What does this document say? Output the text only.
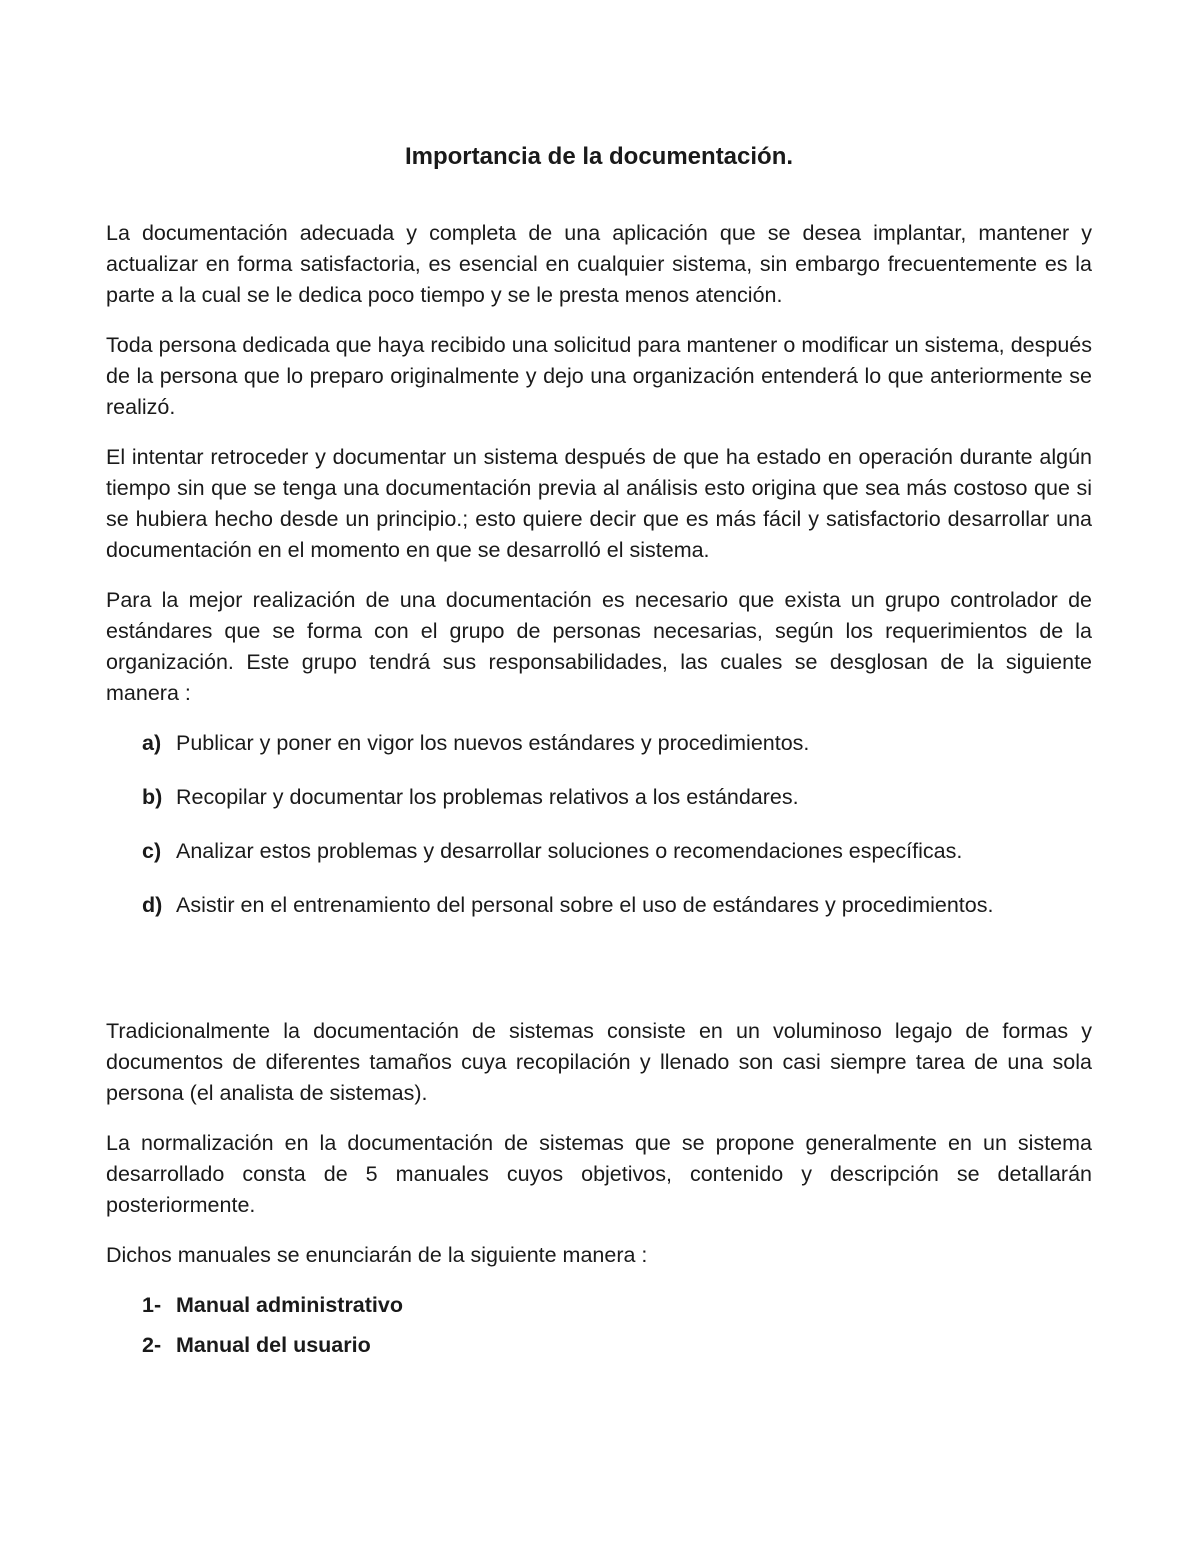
Importancia de la documentación.

La documentación adecuada y completa de una aplicación que se desea implantar, mantener y actualizar en forma satisfactoria, es esencial en cualquier sistema, sin embargo frecuentemente es la parte a la cual se le dedica poco tiempo y se le presta menos atención.

Toda persona dedicada que haya recibido una solicitud para mantener o modificar un sistema, después de la persona que lo preparo originalmente y dejo una organización entenderá lo que anteriormente se realizó.

El intentar retroceder y documentar un sistema después de que ha estado en operación durante algún tiempo sin que se tenga una documentación previa al análisis esto origina que sea más costoso que si se hubiera hecho desde un principio.; esto quiere decir que es más fácil y satisfactorio desarrollar una documentación en el momento en que se desarrolló el sistema.

Para la mejor realización de una documentación es necesario que exista un grupo controlador de estándares que se forma con el grupo de personas necesarias, según los requerimientos de la organización. Este grupo tendrá sus responsabilidades, las cuales se desglosan de la siguiente manera :

a) Publicar y poner en vigor los nuevos estándares y procedimientos.
b) Recopilar y documentar los problemas relativos a los estándares.
c) Analizar estos problemas y desarrollar soluciones o recomendaciones específicas.
d) Asistir en el entrenamiento del personal sobre el uso de estándares y procedimientos.

Tradicionalmente la documentación de sistemas consiste en un voluminoso legajo de formas y documentos de diferentes tamaños cuya recopilación y llenado son casi siempre tarea de una sola persona (el analista de sistemas).

La normalización en la documentación de sistemas que se propone generalmente en un sistema desarrollado consta de 5 manuales cuyos objetivos, contenido y descripción se detallarán posteriormente.

Dichos manuales se enunciarán de la siguiente manera :

1- Manual administrativo
2- Manual del usuario
